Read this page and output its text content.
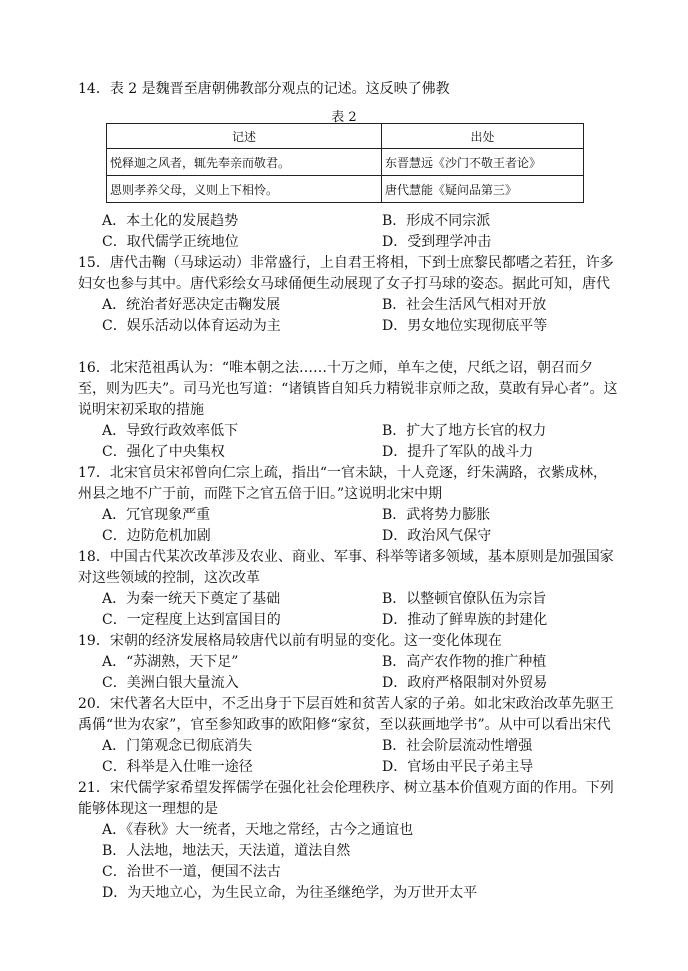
14．表 2 是魏晋至唐朝佛教部分观点的记述。这反映了佛教
表 2
记述	出处
悦释迦之风者，辄先奉亲而敬君。	东晋慧远《沙门不敬王者论》
恩则孝养父母，义则上下相怜。	唐代慧能《疑问品第三》
A．本土化的发展趋势	B．形成不同宗派
C．取代儒学正统地位	D．受到理学冲击
15．唐代击鞠（马球运动）非常盛行，上自君王将相，下到士庶黎民都嗜之若狂，许多妇女也参与其中。唐代彩绘女马球俑便生动展现了女子打马球的姿态。据此可知，唐代
A．统治者好恶决定击鞠发展	B．社会生活风气相对开放
C．娱乐活动以体育运动为主	D．男女地位实现彻底平等
16．北宋范祖禹认为：“唯本朝之法……十万之师，单车之使，尺纸之诏，朝召而夕至，则为匹夫”。司马光也写道：“诸镇皆自知兵力精锐非京师之敌，莫敢有异心者”。这说明宋初采取的措施
A．导致行政效率低下	B．扩大了地方长官的权力
C．强化了中央集权	D．提升了军队的战斗力
17．北宋官员宋祁曾向仁宗上疏，指出“一官未缺，十人竞逐，纡朱满路，衣紫成林，州县之地不广于前，而陛下之官五倍于旧。”这说明北宋中期
A．冗官现象严重	B．武将势力膨胀
C．边防危机加剧	D．政治风气保守
18．中国古代某次改革涉及农业、商业、军事、科举等诸多领域，基本原则是加强国家对这些领域的控制，这次改革
A．为秦一统天下奠定了基础	B．以整顿官僚队伍为宗旨
C．一定程度上达到富国目的	D．推动了鲜卑族的封建化
19．宋朝的经济发展格局较唐代以前有明显的变化。这一变化体现在
A．“苏湖熟，天下足”	B．高产农作物的推广种植
C．美洲白银大量流入	D．政府严格限制对外贸易
20．宋代著名大臣中，不乏出身于下层百姓和贫苦人家的子弟。如北宋政治改革先驱王禹偁“世为农家”，官至参知政事的欧阳修“家贫，至以荻画地学书”。从中可以看出宋代
A．门第观念已彻底消失	B．社会阶层流动性增强
C．科举是入仕唯一途径	D．官场由平民子弟主导
21．宋代儒学家希望发挥儒学在强化社会伦理秩序、树立基本价值观方面的作用。下列能够体现这一理想的是
A．《春秋》大一统者，天地之常经，古今之通谊也
B．人法地，地法天，天法道，道法自然
C．治世不一道，便国不法古
D．为天地立心，为生民立命，为往圣继绝学，为万世开太平
